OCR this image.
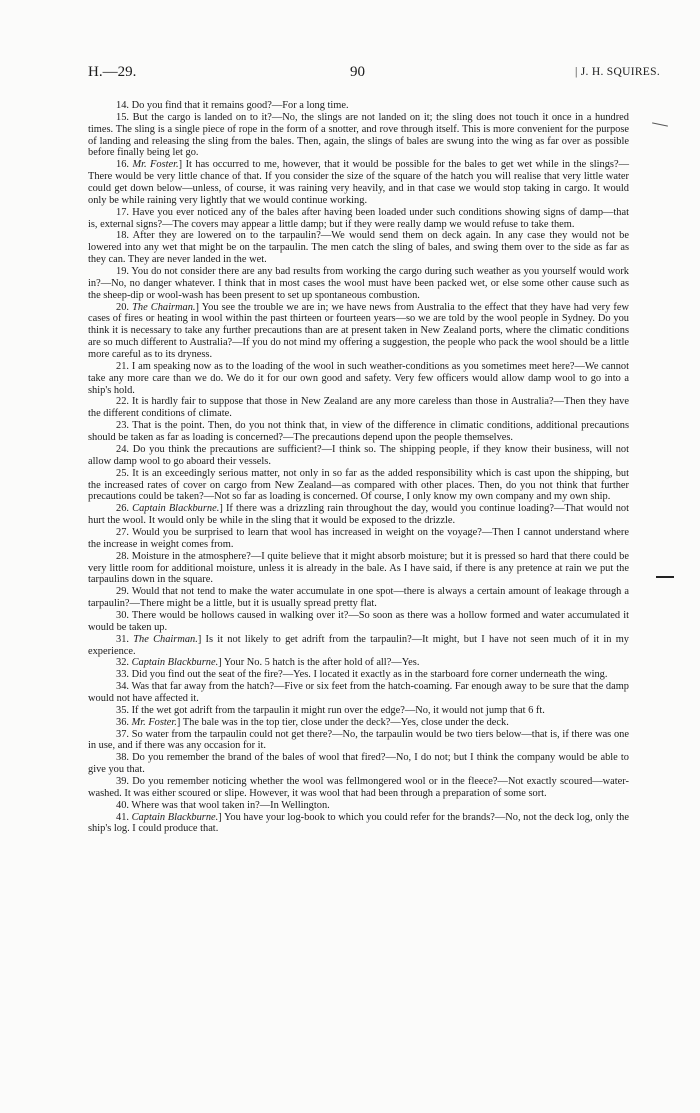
H.—29.	90	| J. H. SQUIRES.

14. Do you find that it remains good?—For a long time.

15. But the cargo is landed on to it?—No, the slings are not landed on it; the sling does not touch it once in a hundred times. The sling is a single piece of rope in the form of a snotter, and rove through itself. This is more convenient for the purpose of landing and releasing the sling from the bales. Then, again, the slings of bales are swung into the wing as far over as possible before finally being let go.

16. Mr. Foster.] It has occurred to me, however, that it would be possible for the bales to get wet while in the slings?—There would be very little chance of that. If you consider the size of the square of the hatch you will realise that very little water could get down below—unless, of course, it was raining very heavily, and in that case we would stop taking in cargo. It would only be while raining very lightly that we would continue working.

17. Have you ever noticed any of the bales after having been loaded under such conditions showing signs of damp—that is, external signs?—The covers may appear a little damp; but if they were really damp we would refuse to take them.

18. After they are lowered on to the tarpaulin?—We would send them on deck again. In any case they would not be lowered into any wet that might be on the tarpaulin. The men catch the sling of bales, and swing them over to the side as far as they can. They are never landed in the wet.

19. You do not consider there are any bad results from working the cargo during such weather as you yourself would work in?—No, no danger whatever. I think that in most cases the wool must have been packed wet, or else some other cause such as the sheep-dip or wool-wash has been present to set up spontaneous combustion.

20. The Chairman.] You see the trouble we are in; we have news from Australia to the effect that they have had very few cases of fires or heating in wool within the past thirteen or fourteen years—so we are told by the wool people in Sydney. Do you think it is necessary to take any further precautions than are at present taken in New Zealand ports, where the climatic conditions are so much different to Australia?—If you do not mind my offering a suggestion, the people who pack the wool should be a little more careful as to its dryness.

21. I am speaking now as to the loading of the wool in such weather-conditions as you sometimes meet here?—We cannot take any more care than we do. We do it for our own good and safety. Very few officers would allow damp wool to go into a ship's hold.

22. It is hardly fair to suppose that those in New Zealand are any more careless than those in Australia?—Then they have the different conditions of climate.

23. That is the point. Then, do you not think that, in view of the difference in climatic conditions, additional precautions should be taken as far as loading is concerned?—The precautions depend upon the people themselves.

24. Do you think the precautions are sufficient?—I think so. The shipping people, if they know their business, will not allow damp wool to go aboard their vessels.

25. It is an exceedingly serious matter, not only in so far as the added responsibility which is cast upon the shipping, but the increased rates of cover on cargo from New Zealand—as compared with other places. Then, do you not think that further precautions could be taken?—Not so far as loading is concerned. Of course, I only know my own company and my own ship.

26. Captain Blackburne.] If there was a drizzling rain throughout the day, would you continue loading?—That would not hurt the wool. It would only be while in the sling that it would be exposed to the drizzle.

27. Would you be surprised to learn that wool has increased in weight on the voyage?—Then I cannot understand where the increase in weight comes from.

28. Moisture in the atmosphere?—I quite believe that it might absorb moisture; but it is pressed so hard that there could be very little room for additional moisture, unless it is already in the bale. As I have said, if there is any pretence at rain we put the tarpaulins down in the square.

29. Would that not tend to make the water accumulate in one spot—there is always a certain amount of leakage through a tarpaulin?—There might be a little, but it is usually spread pretty flat.

30. There would be hollows caused in walking over it?—So soon as there was a hollow formed and water accumulated it would be taken up.

31. The Chairman.] Is it not likely to get adrift from the tarpaulin?—It might, but I have not seen much of it in my experience.

32. Captain Blackburne.] Your No. 5 hatch is the after hold of all?—Yes.

33. Did you find out the seat of the fire?—Yes. I located it exactly as in the starboard fore corner underneath the wing.

34. Was that far away from the hatch?—Five or six feet from the hatch-coaming. Far enough away to be sure that the damp would not have affected it.

35. If the wet got adrift from the tarpaulin it might run over the edge?—No, it would not jump that 6 ft.

36. Mr. Foster.] The bale was in the top tier, close under the deck?—Yes, close under the deck.

37. So water from the tarpaulin could not get there?—No, the tarpaulin would be two tiers below—that is, if there was one in use, and if there was any occasion for it.

38. Do you remember the brand of the bales of wool that fired?—No, I do not; but I think the company would be able to give you that.

39. Do you remember noticing whether the wool was fellmongered wool or in the fleece?—Not exactly scoured—water-washed. It was either scoured or slipe. However, it was wool that had been through a preparation of some sort.

40. Where was that wool taken in?—In Wellington.

41. Captain Blackburne.] You have your log-book to which you could refer for the brands?—No, not the deck log, only the ship's log. I could produce that.
